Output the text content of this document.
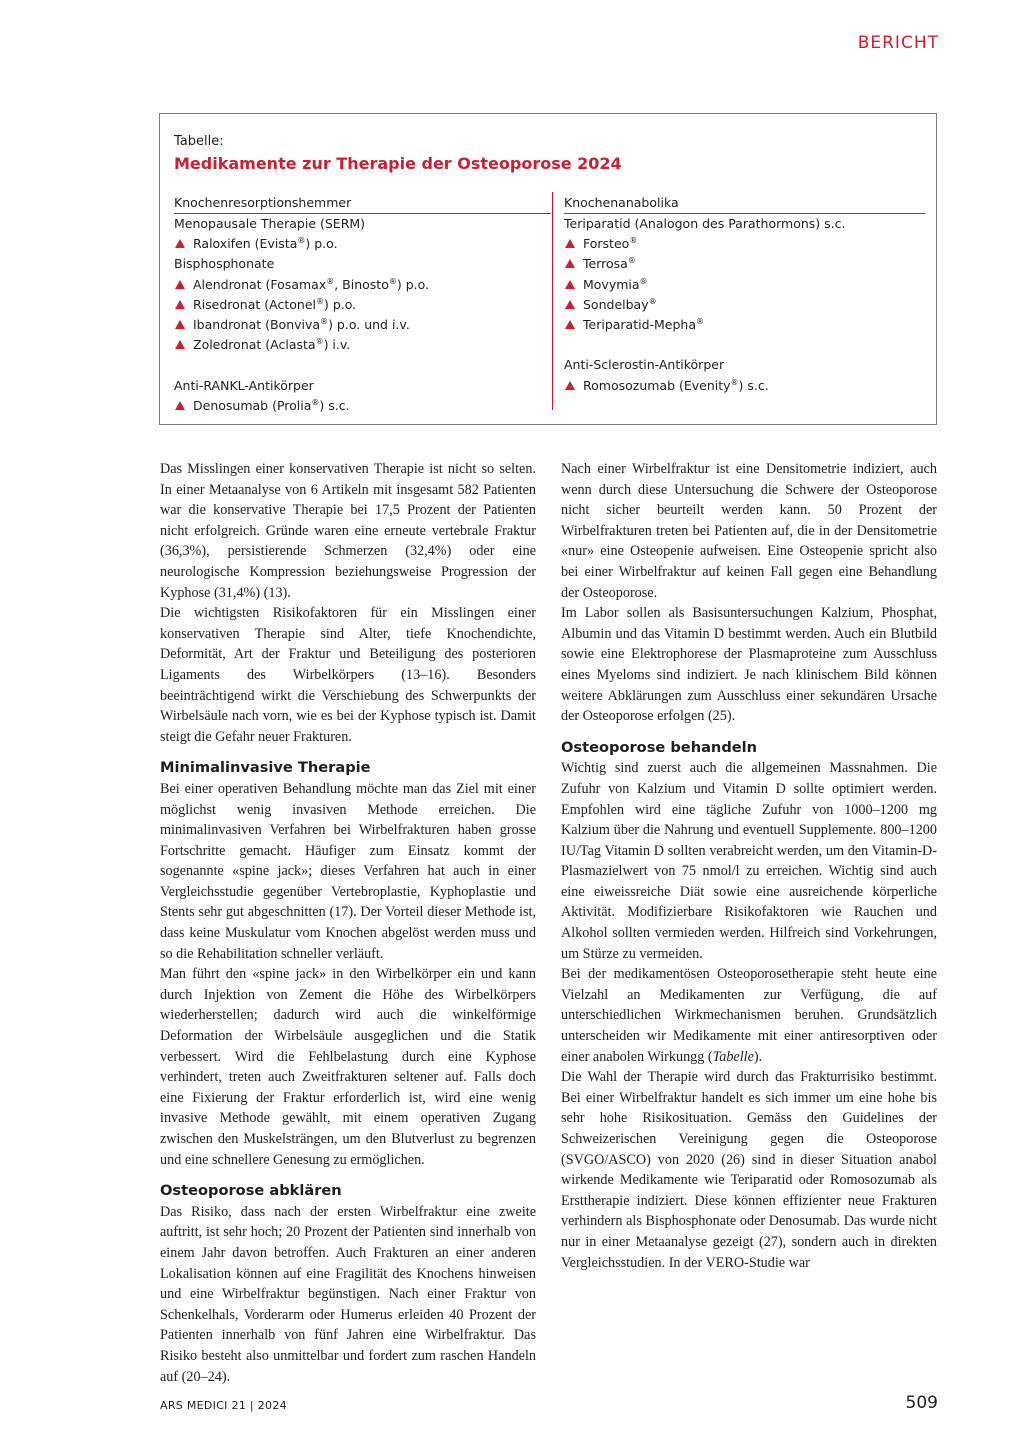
BERICHT
Tabelle:
Medikamente zur Therapie der Osteoporose 2024
Knochenresorptionshemmer
Menopausale Therapie (SERM)
Raloxifen (Evista®) p.o.
Bisphosphonate
Alendronat (Fosamax®, Binosto®) p.o.
Risedronat (Actonel®) p.o.
Ibandronat (Bonviva®) p.o. und i.v.
Zoledronat (Aclasta®) i.v.
Anti-RANKL-Antikörper
Denosumab (Prolia®) s.c.
Knochenanabolika
Teriparatid (Analogon des Parathormons) s.c.
Forsteo®
Terrosa®
Movymia®
Sondelbay®
Teriparatid-Mepha®
Anti-Sclerostin-Antikörper
Romosozumab (Evenity®) s.c.

Das Misslingen einer konservativen Therapie ist nicht so selten. In einer Metaanalyse von 6 Artikeln mit insgesamt 582 Patienten war die konservative Therapie bei 17,5 Prozent der Patienten nicht erfolgreich. Gründe waren eine erneute vertebrale Fraktur (36,3%), persistierende Schmerzen (32,4%) oder eine neurologische Kompression beziehungsweise Progression der Kyphose (31,4%) (13).

Die wichtigsten Risikofaktoren für ein Misslingen einer konservativen Therapie sind Alter, tiefe Knochendichte, Deformität, Art der Fraktur und Beteiligung des posterioren Ligaments des Wirbelkörpers (13–16). Besonders beeinträchtigend wirkt die Verschiebung des Schwerpunkts der Wirbelsäule nach vorn, wie es bei der Kyphose typisch ist. Damit steigt die Gefahr neuer Frakturen.

Minimalinvasive Therapie

Bei einer operativen Behandlung möchte man das Ziel mit einer möglichst wenig invasiven Methode erreichen. Die minimalinvasiven Verfahren bei Wirbelfrakturen haben grosse Fortschritte gemacht. Häufiger zum Einsatz kommt der sogenannte «spine jack»; dieses Verfahren hat auch in einer Vergleichsstudie gegenüber Vertebroplastie, Kyphoplastie und Stents sehr gut abgeschnitten (17). Der Vorteil dieser Methode ist, dass keine Muskulatur vom Knochen abgelöst werden muss und so die Rehabilitation schneller verläuft.

Man führt den «spine jack» in den Wirbelkörper ein und kann durch Injektion von Zement die Höhe des Wirbelkörpers wiederherstellen; dadurch wird auch die winkelförmige Deformation der Wirbelsäule ausgeglichen und die Statik verbessert. Wird die Fehlbelastung durch eine Kyphose verhindert, treten auch Zweitfrakturen seltener auf. Falls doch eine Fixierung der Fraktur erforderlich ist, wird eine wenig invasive Methode gewählt, mit einem operativen Zugang zwischen den Muskelsträngen, um den Blutverlust zu begrenzen und eine schnellere Genesung zu ermöglichen.

Osteoporose abklären

Das Risiko, dass nach der ersten Wirbelfraktur eine zweite auftritt, ist sehr hoch; 20 Prozent der Patienten sind innerhalb von einem Jahr davon betroffen. Auch Frakturen an einer anderen Lokalisation können auf eine Fragilität des Knochens hinweisen und eine Wirbelfraktur begünstigen. Nach einer Fraktur von Schenkelhals, Vorderarm oder Humerus erleiden 40 Prozent der Patienten innerhalb von fünf Jahren eine Wirbelfraktur. Das Risiko besteht also unmittelbar und fordert zum raschen Handeln auf (20–24).

Nach einer Wirbelfraktur ist eine Densitometrie indiziert, auch wenn durch diese Untersuchung die Schwere der Osteoporose nicht sicher beurteilt werden kann. 50 Prozent der Wirbelfrakturen treten bei Patienten auf, die in der Densitometrie «nur» eine Osteopenie aufweisen. Eine Osteopenie spricht also bei einer Wirbelfraktur auf keinen Fall gegen eine Behandlung der Osteoporose.

Im Labor sollen als Basisuntersuchungen Kalzium, Phosphat, Albumin und das Vitamin D bestimmt werden. Auch ein Blutbild sowie eine Elektrophorese der Plasmaproteine zum Ausschluss eines Myeloms sind indiziert. Je nach klinischem Bild können weitere Abklärungen zum Ausschluss einer sekundären Ursache der Osteoporose erfolgen (25).

Osteoporose behandeln

Wichtig sind zuerst auch die allgemeinen Massnahmen. Die Zufuhr von Kalzium und Vitamin D sollte optimiert werden. Empfohlen wird eine tägliche Zufuhr von 1000–1200 mg Kalzium über die Nahrung und eventuell Supplemente. 800–1200 IU/Tag Vitamin D sollten verabreicht werden, um den Vitamin-D-Plasmazielwert von 75 nmol/l zu erreichen. Wichtig sind auch eine eiweissreiche Diät sowie eine ausreichende körperliche Aktivität. Modifizierbare Risikofaktoren wie Rauchen und Alkohol sollten vermieden werden. Hilfreich sind Vorkehrungen, um Stürze zu vermeiden.

Bei der medikamentösen Osteoporosetherapie steht heute eine Vielzahl an Medikamenten zur Verfügung, die auf unterschiedlichen Wirkmechanismen beruhen. Grundsätzlich unterscheiden wir Medikamente mit einer antiresorptiven oder einer anabolen Wirkungg (Tabelle).

Die Wahl der Therapie wird durch das Frakturrisiko bestimmt. Bei einer Wirbelfraktur handelt es sich immer um eine hohe bis sehr hohe Risikosituation. Gemäss den Guidelines der Schweizerischen Vereinigung gegen die Osteoporose (SVGO/ASCO) von 2020 (26) sind in dieser Situation anabol wirkende Medikamente wie Teriparatid oder Romosozumab als Ersttherapie indiziert. Diese können effizienter neue Frakturen verhindern als Bisphosphonate oder Denosumab. Das wurde nicht nur in einer Metaanalyse gezeigt (27), sondern auch in direkten Vergleichsstudien. In der VERO-Studie war

ARS MEDICI 21 | 2024	509
